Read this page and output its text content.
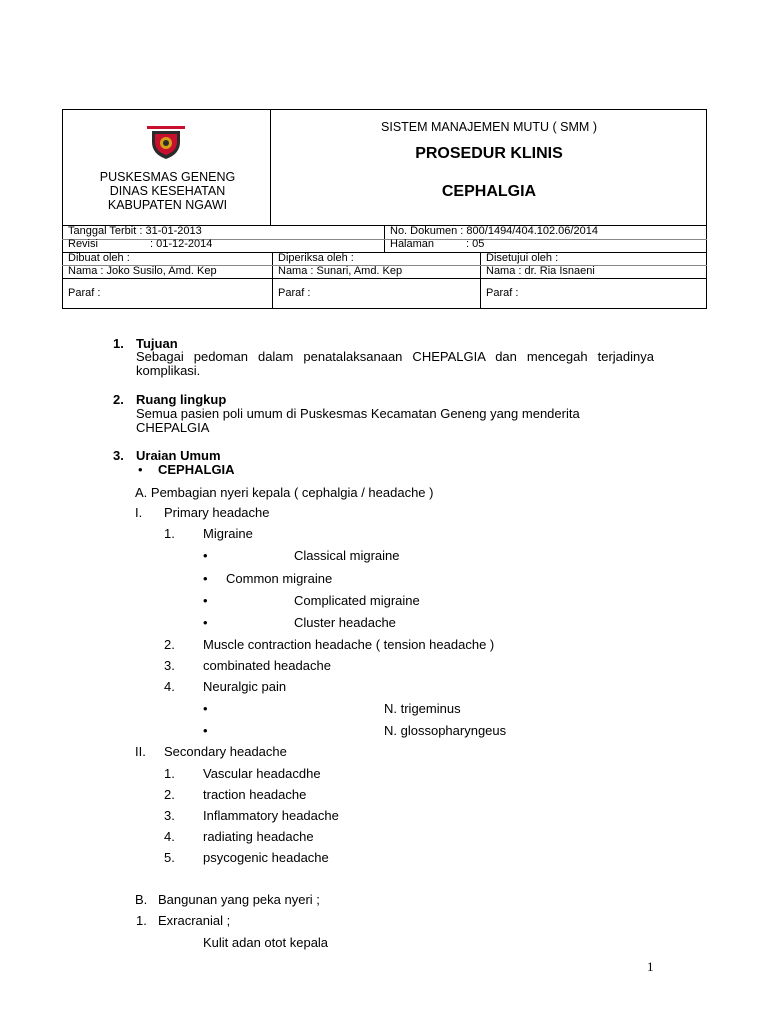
PUSKESMAS GENENG
DINAS KESEHATAN
KABUPATEN NGAWI
SISTEM MANAJEMEN MUTU ( SMM )
PROSEDUR KLINIS
CEPHALGIA
Tanggal Terbit : 31-01-2013	No. Dokumen : 800/1494/404.102.06/2014
Revisi	: 01-12-2014	Halaman	: 05
Dibuat oleh :	Diperiksa oleh :	Disetujui oleh :
Nama : Joko Susilo, Amd. Kep	Nama : Sunari, Amd. Kep	Nama : dr. Ria Isnaeni
Paraf :	Paraf :	Paraf :
1. Tujuan
Sebagai pedoman dalam penatalaksanaan CHEPALGIA dan mencegah terjadinya komplikasi.
2. Ruang lingkup
Semua pasien poli umum di Puskesmas Kecamatan Geneng yang menderita
CHEPALGIA
3. Uraian Umum
• CEPHALGIA
A. Pembagian nyeri kepala ( cephalgia / headache )
I. Primary headache
1. Migraine
•	Classical migraine
• Common migraine
•	Complicated migraine
•	Cluster headache
2. Muscle contraction headache ( tension headache )
3. combinated headache
4. Neuralgic pain
•	N. trigeminus
•	N. glossopharyngeus
II. Secondary headache
1. Vascular headacdhe
2. traction headache
3. Inflammatory headache
4. radiating headache
5. psycogenic headache
B. Bangunan yang peka nyeri ;
1. Exracranial ;
Kulit adan otot kepala
1
